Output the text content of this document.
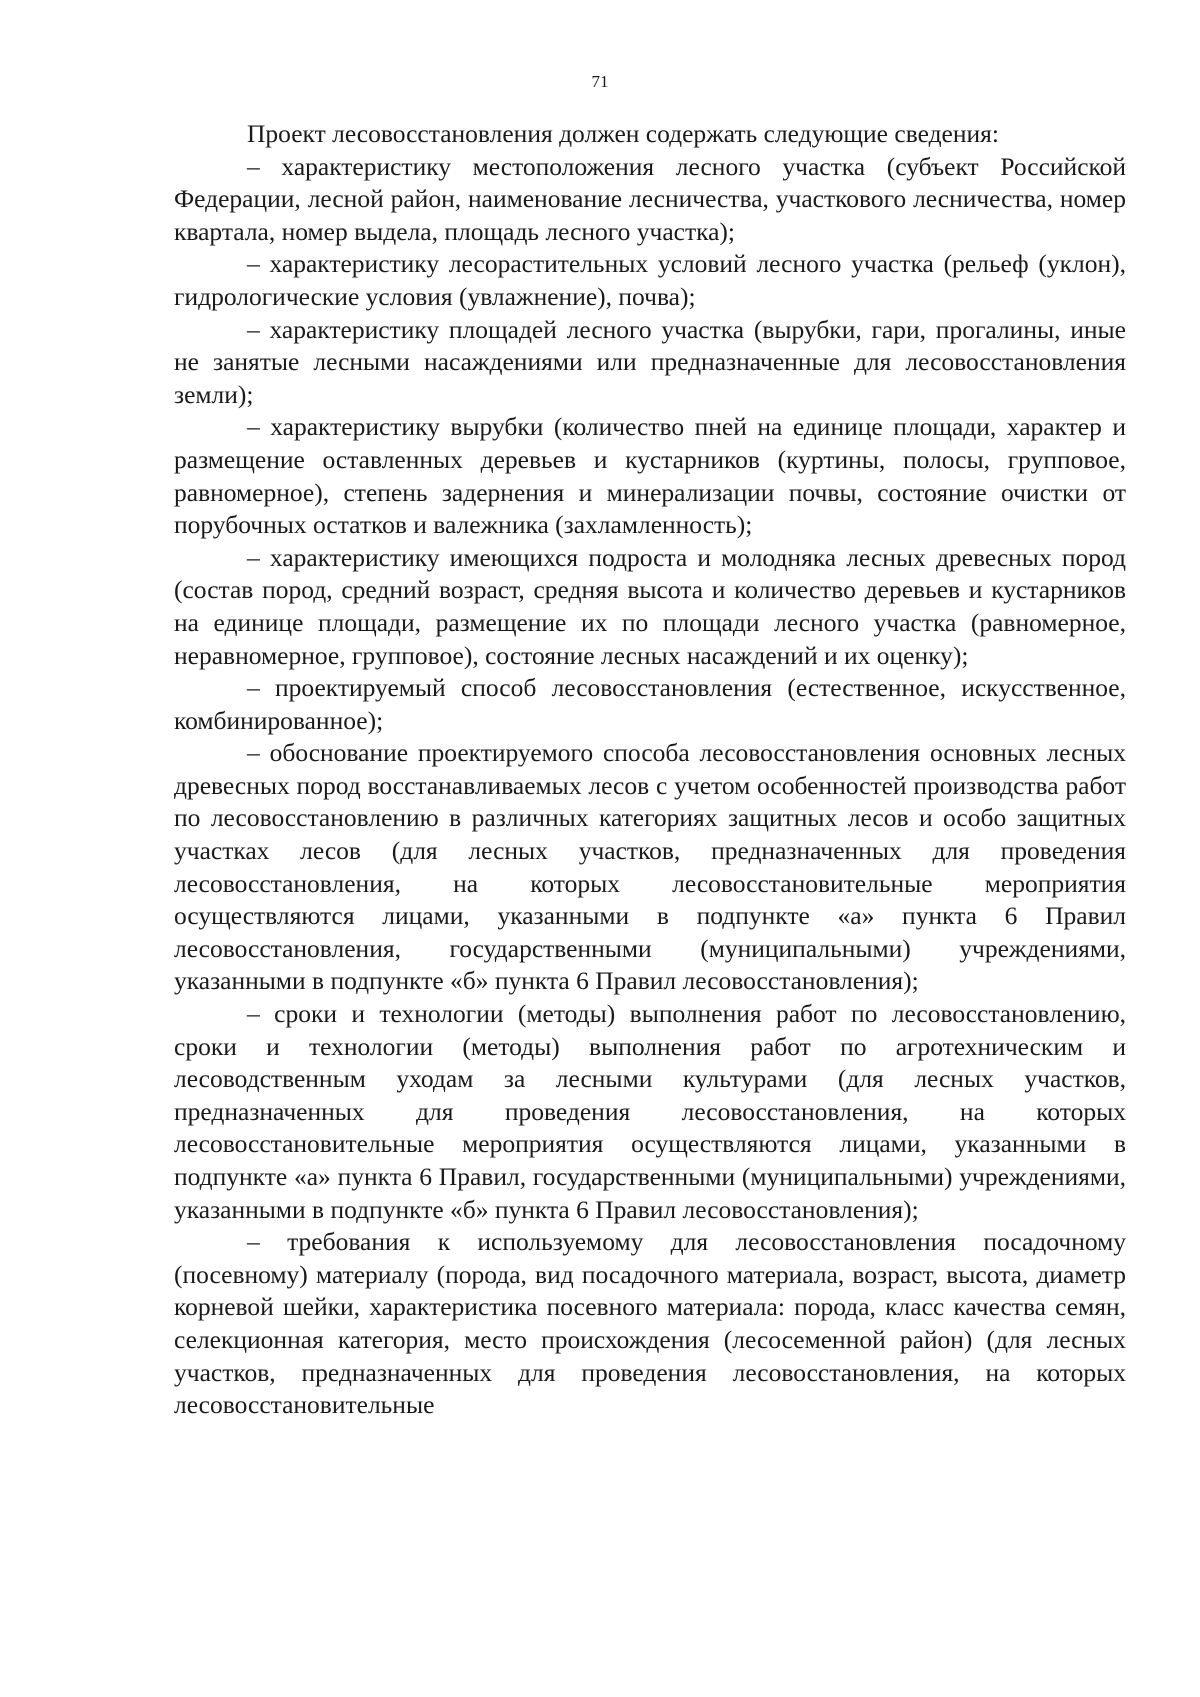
71

Проект лесовосстановления должен содержать следующие сведения:

– характеристику местоположения лесного участка (субъект Российской Федерации, лесной район, наименование лесничества, участкового лесничества, номер квартала, номер выдела, площадь лесного участка);

– характеристику лесорастительных условий лесного участка (рельеф (уклон), гидрологические условия (увлажнение), почва);

– характеристику площадей лесного участка (вырубки, гари, прогалины, иные не занятые лесными насаждениями или предназначенные для лесовосстановления земли);

– характеристику вырубки (количество пней на единице площади, характер и размещение оставленных деревьев и кустарников (куртины, полосы, групповое, равномерное), степень задернения и минерализации почвы, состояние очистки от порубочных остатков и валежника (захламленность);

– характеристику имеющихся подроста и молодняка лесных древесных пород (состав пород, средний возраст, средняя высота и количество деревьев и кустарников на единице площади, размещение их по площади лесного участка (равномерное, неравномерное, групповое), состояние лесных насаждений и их оценку);

– проектируемый способ лесовосстановления (естественное, искусственное, комбинированное);

– обоснование проектируемого способа лесовосстановления основных лесных древесных пород восстанавливаемых лесов с учетом особенностей производства работ по лесовосстановлению в различных категориях защитных лесов и особо защитных участках лесов (для лесных участков, предназначенных для проведения лесовосстановления, на которых лесовосстановительные мероприятия осуществляются лицами, указанными в подпункте «а» пункта 6 Правил лесовосстановления, государственными (муниципальными) учреждениями, указанными в подпункте «б» пункта 6 Правил лесовосстановления);

– сроки и технологии (методы) выполнения работ по лесовосстановлению, сроки и технологии (методы) выполнения работ по агротехническим и лесоводственным уходам за лесными культурами (для лесных участков, предназначенных для проведения лесовосстановления, на которых лесовосстановительные мероприятия осуществляются лицами, указанными в подпункте «а» пункта 6 Правил, государственными (муниципальными) учреждениями, указанными в подпункте «б» пункта 6 Правил лесовосстановления);

– требования к используемому для лесовосстановления посадочному (посевному) материалу (порода, вид посадочного материала, возраст, высота, диаметр корневой шейки, характеристика посевного материала: порода, класс качества семян, селекционная категория, место происхождения (лесосеменной район) (для лесных участков, предназначенных для проведения лесовосстановления, на которых лесовосстановительные
